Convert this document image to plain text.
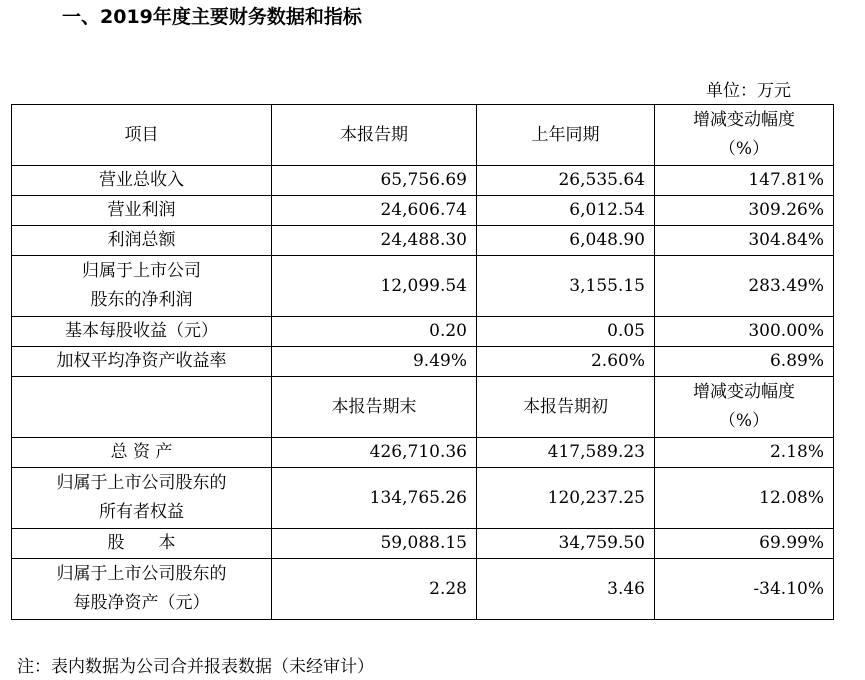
一、2019年度主要财务数据和指标
单位：万元
项目	本报告期	上年同期	增减变动幅度
（%）
营业总收入	65,756.69	26,535.64	147.81%
营业利润	24,606.74	6,012.54	309.26%
利润总额	24,488.30	6,048.90	304.84%
归属于上市公司
股东的净利润	12,099.54	3,155.15	283.49%
基本每股收益（元）	0.20	0.05	300.00%
加权平均净资产收益率	9.49%	2.60%	6.89%
	本报告期末	本报告期初	增减变动幅度
（%）
总 资 产	426,710.36	417,589.23	2.18%
归属于上市公司股东的
所有者权益	134,765.26	120,237.25	12.08%
股　　本	59,088.15	34,759.50	69.99%
归属于上市公司股东的
每股净资产（元）	2.28	3.46	-34.10%
注：表内数据为公司合并报表数据（未经审计）
